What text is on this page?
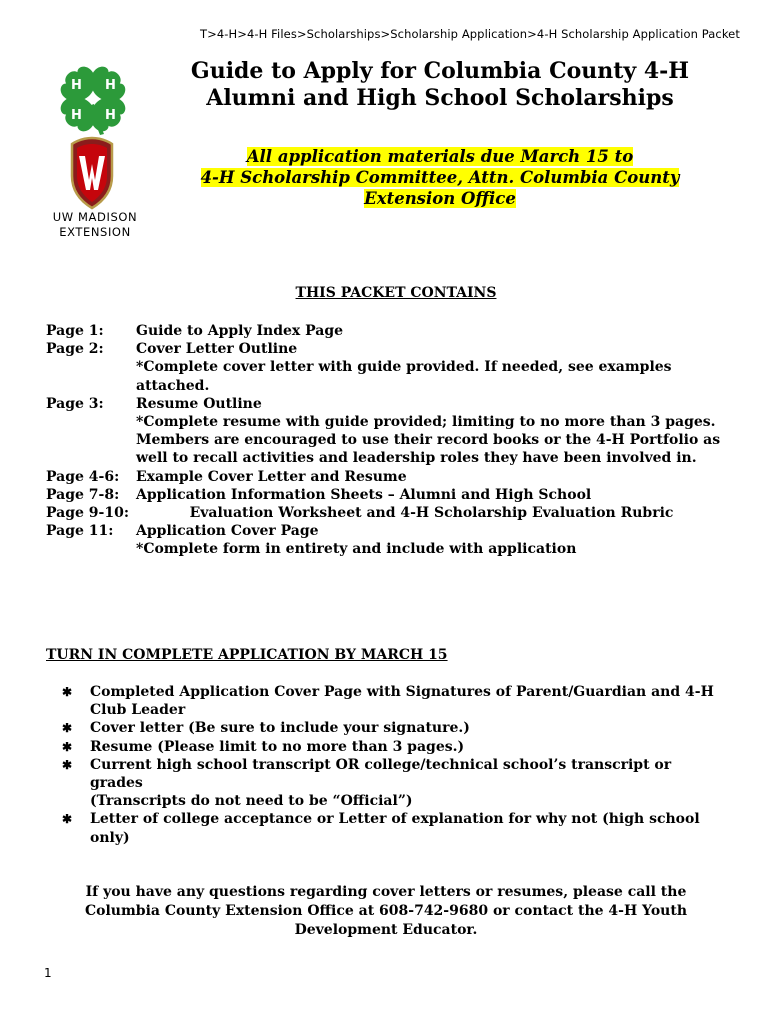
T>4-H>4-H Files>Scholarships>Scholarship Application>4-H Scholarship Application Packet
H H
H H
UW MADISON
EXTENSION
Guide to Apply for Columbia County 4-H
Alumni and High School Scholarships
All application materials due March 15 to
4-H Scholarship Committee, Attn. Columbia County
Extension Office
THIS PACKET CONTAINS
Page 1:	Guide to Apply Index Page
Page 2:	Cover Letter Outline
*Complete cover letter with guide provided. If needed, see examples attached.
Page 3:	Resume Outline
*Complete resume with guide provided; limiting to no more than 3 pages. Members are encouraged to use their record books or the 4-H Portfolio as well to recall activities and leadership roles they have been involved in.
Page 4-6:	Example Cover Letter and Resume
Page 7-8:	Application Information Sheets – Alumni and High School
Page 9-10: Evaluation Worksheet and 4-H Scholarship Evaluation Rubric
Page 11:	Application Cover Page
*Complete form in entirety and include with application
TURN IN COMPLETE APPLICATION BY MARCH 15
✱	Completed Application Cover Page with Signatures of Parent/Guardian and 4-H Club Leader
✱	Cover letter (Be sure to include your signature.)
✱	Resume (Please limit to no more than 3 pages.)
✱	Current high school transcript OR college/technical school’s transcript or grades
(Transcripts do not need to be “Official”)
✱	Letter of college acceptance or Letter of explanation for why not (high school only)
If you have any questions regarding cover letters or resumes, please call the Columbia County Extension Office at 608-742-9680 or contact the 4-H Youth Development Educator.
1
